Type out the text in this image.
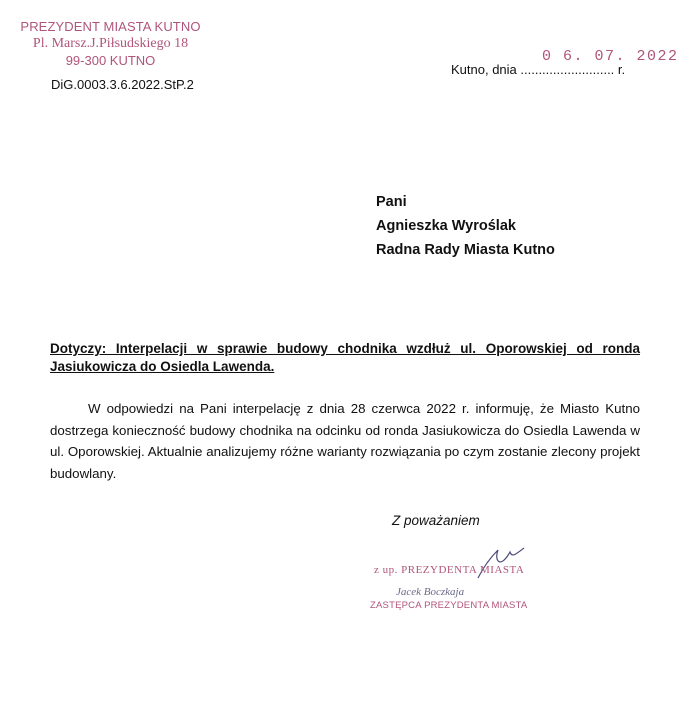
PREZYDENT MIASTA KUTNO
Pl. Marsz.J.Piłsudskiego 18
99-300 KUTNO
DiG.0003.3.6.2022.StP.2
0 6. 07. 2022
Kutno, dnia .......................... r.
Pani
Agnieszka Wyroślak
Radna Rady Miasta Kutno
Dotyczy: Interpelacji w sprawie budowy chodnika wzdłuż ul. Oporowskiej od ronda Jasiukowicza do Osiedla Lawenda.
W odpowiedzi na Pani interpelację z dnia 28 czerwca 2022 r. informuję, że Miasto Kutno dostrzega konieczność budowy chodnika na odcinku od ronda Jasiukowicza do Osiedla Lawenda w ul. Oporowskiej. Aktualnie analizujemy różne warianty rozwiązania po czym zostanie zlecony projekt budowlany.
Z poważaniem
z up. PREZYDENTA MIASTA
Jacek Boczkaja
ZASTĘPCA PREZYDENTA MIASTA
